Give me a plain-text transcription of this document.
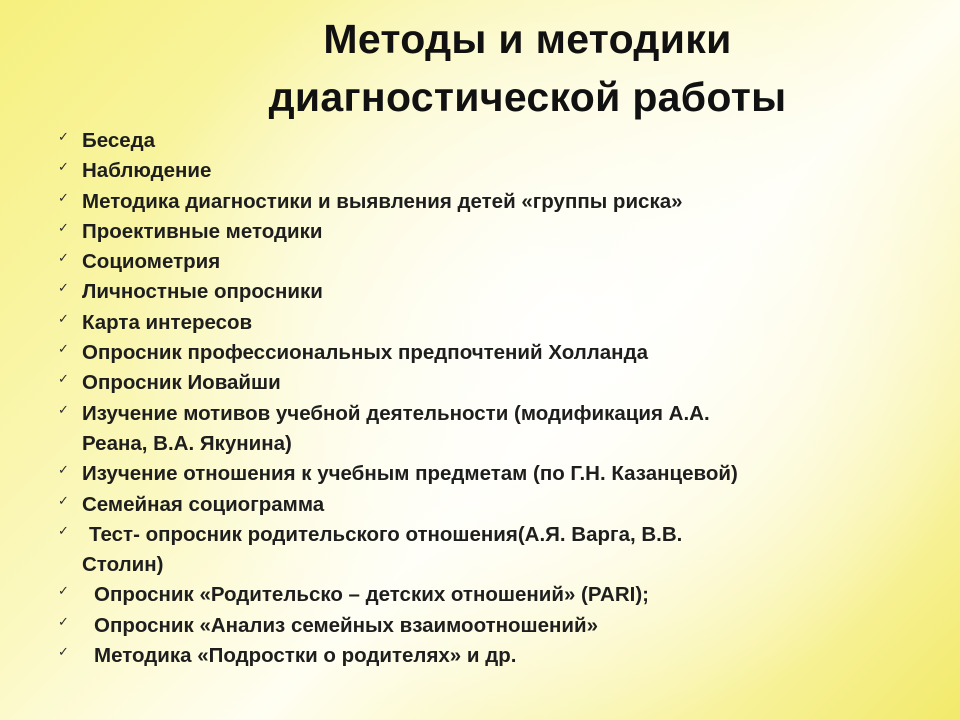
Методы и методики
диагностической работы
✓ Беседа
✓ Наблюдение
✓ Методика диагностики и выявления детей «группы риска»
✓ Проективные методики
✓ Социометрия
✓ Личностные опросники
✓ Карта интересов
✓ Опросник профессиональных предпочтений Холланда
✓ Опросник Иовайши
✓ Изучение мотивов учебной деятельности (модификация А.А.
Реана, В.А. Якунина)
✓ Изучение отношения к учебным предметам (по Г.Н. Казанцевой)
✓ Семейная социограмма
✓ Тест- опросник родительского отношения(А.Я. Варга, В.В.
Столин)
✓ Опросник «Родительско – детских отношений» (PARI);
✓ Опросник «Анализ семейных взаимоотношений»
✓ Методика «Подростки о родителях» и др.
